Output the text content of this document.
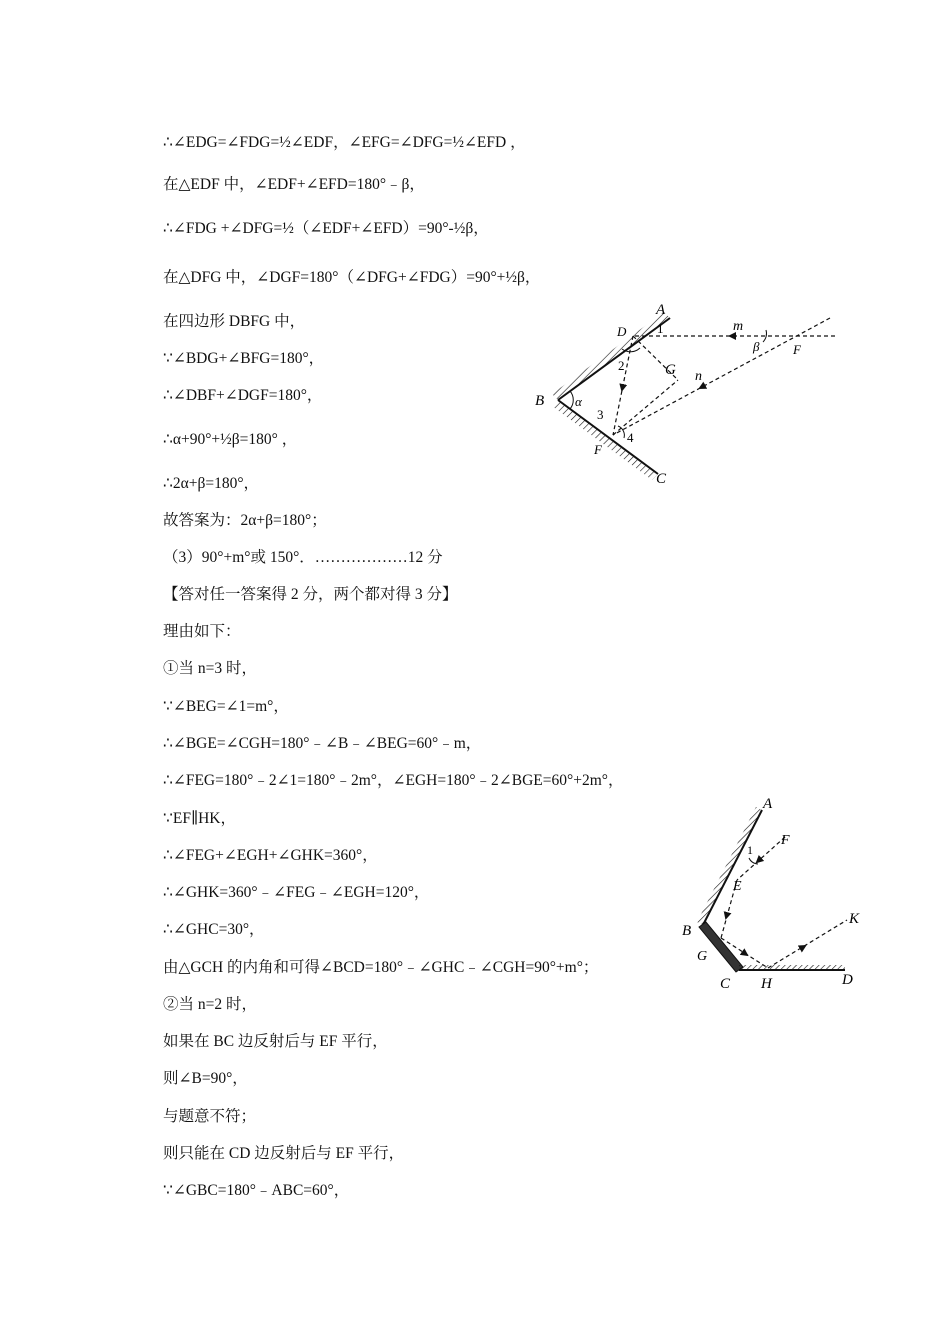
∴∠EDG=∠FDG=½∠EDF，∠EFG=∠DFG=½∠EFD ，
在△EDF 中，∠EDF+∠EFD=180°﹣β，
∴∠FDG +∠DFG=½（∠EDF+∠EFD）=90°-½β，
在△DFG 中，∠DGF=180°（∠DFG+∠FDG）=90°+½β，
在四边形 DBFG 中，
∵∠BDG+∠BFG=180°，
∴∠DBF+∠DGF=180°，
∴α+90°+½β=180° ，
∴2α+β=180°，
故答案为：2α+β=180°；
（3）90°+m°或 150°．………………12 分
【答对任一答案得 2 分，两个都对得 3 分】
理由如下：
①当 n=3 时，
∵∠BEG=∠1=m°，
∴∠BGE=∠CGH=180°﹣∠B﹣∠BEG=60°﹣m，
∴∠FEG=180°﹣2∠1=180°﹣2m°，∠EGH=180°﹣2∠BGE=60°+2m°，
∵EF∥HK，
∴∠FEG+∠EGH+∠GHK=360°，
∴∠GHK=360°﹣∠FEG﹣∠EGH=120°，
∴∠GHC=30°，
由△GCH 的内角和可得∠BCD=180°﹣∠GHC﹣∠CGH=90°+m°；
②当 n=2 时，
如果在 BC 边反射后与 EF 平行，
则∠B=90°，
与题意不符；
则只能在 CD 边反射后与 EF 平行，
∵∠GBC=180°﹣ABC=60°，
A
D 1	m
β	F
2	G n
B α
3
4
F
C
A
F
1
E
B
G
C H	D
K
